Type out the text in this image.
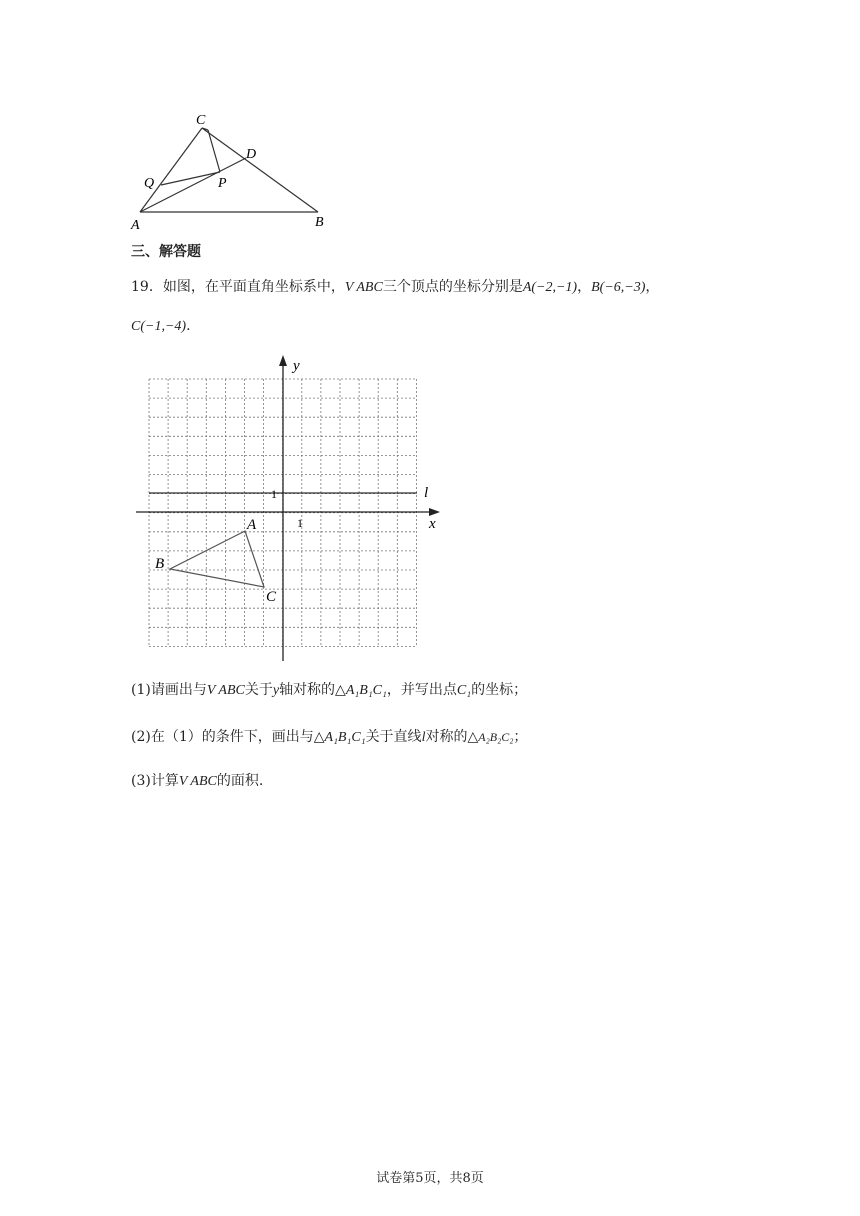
C
D
Q	P
A	B
三、解答题
19．如图，在平面直角坐标系中，V ABC三个顶点的坐标分别是A(−2,−1)，B(−6,−3)，
C(−1,−4).
y
x
l
1
1
A
B
C
(1)请画出与V ABC关于y轴对称的△A₁B₁C₁，并写出点C₁的坐标；
(2)在（1）的条件下，画出与△A₁B₁C₁关于直线l对称的△A₂B₂C₂；
(3)计算V ABC的面积.
试卷第5页，共8页
